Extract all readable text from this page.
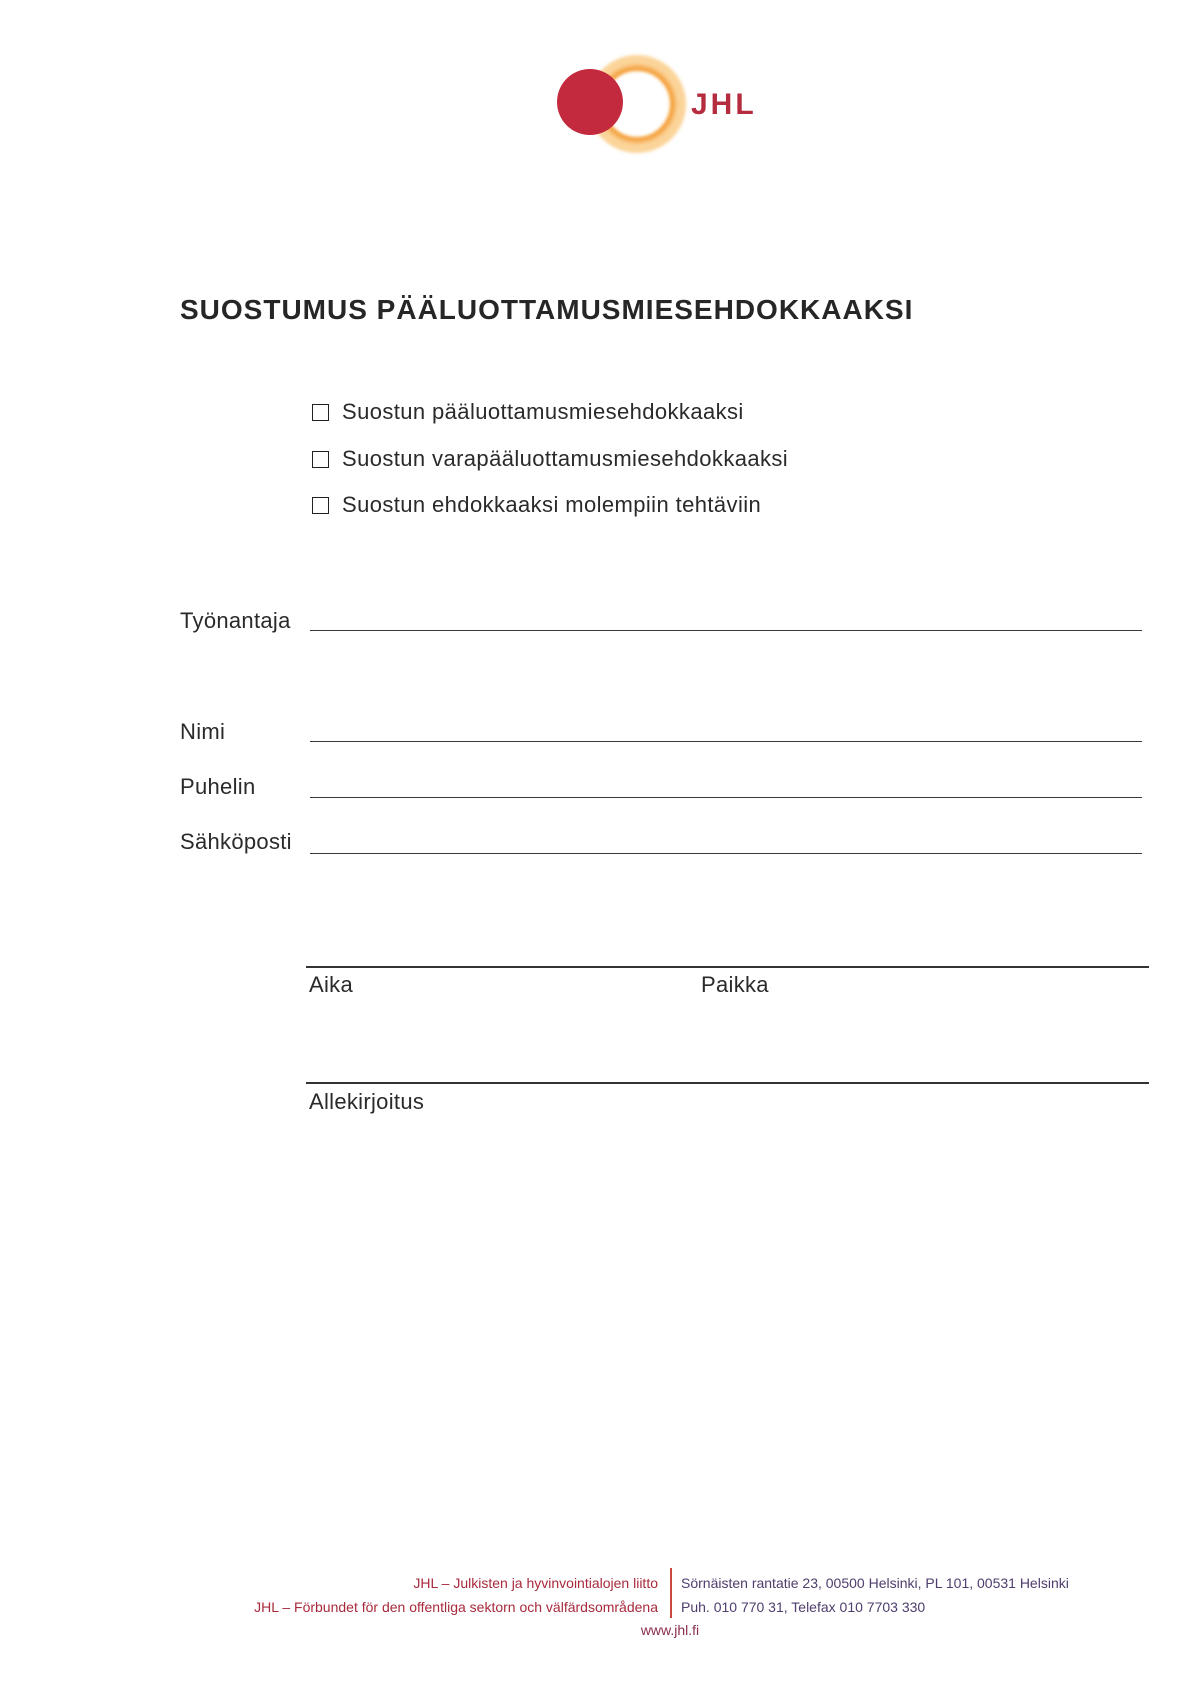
JHL
SUOSTUMUS PÄÄLUOTTAMUSMIESEHDOKKAAKSI
Suostun pääluottamusmiesehdokkaaksi
Suostun varapääluottamusmiesehdokkaaksi
Suostun ehdokkaaksi molempiin tehtäviin
Työnantaja
Nimi
Puhelin
Sähköposti
Aika	Paikka
Allekirjoitus
JHL – Julkisten ja hyvinvointialojen liitto
JHL – Förbundet för den offentliga sektorn och välfärdsområdena
Sörnäisten rantatie 23, 00500 Helsinki, PL 101, 00531 Helsinki
Puh. 010 770 31, Telefax 010 7703 330
www.jhl.fi
